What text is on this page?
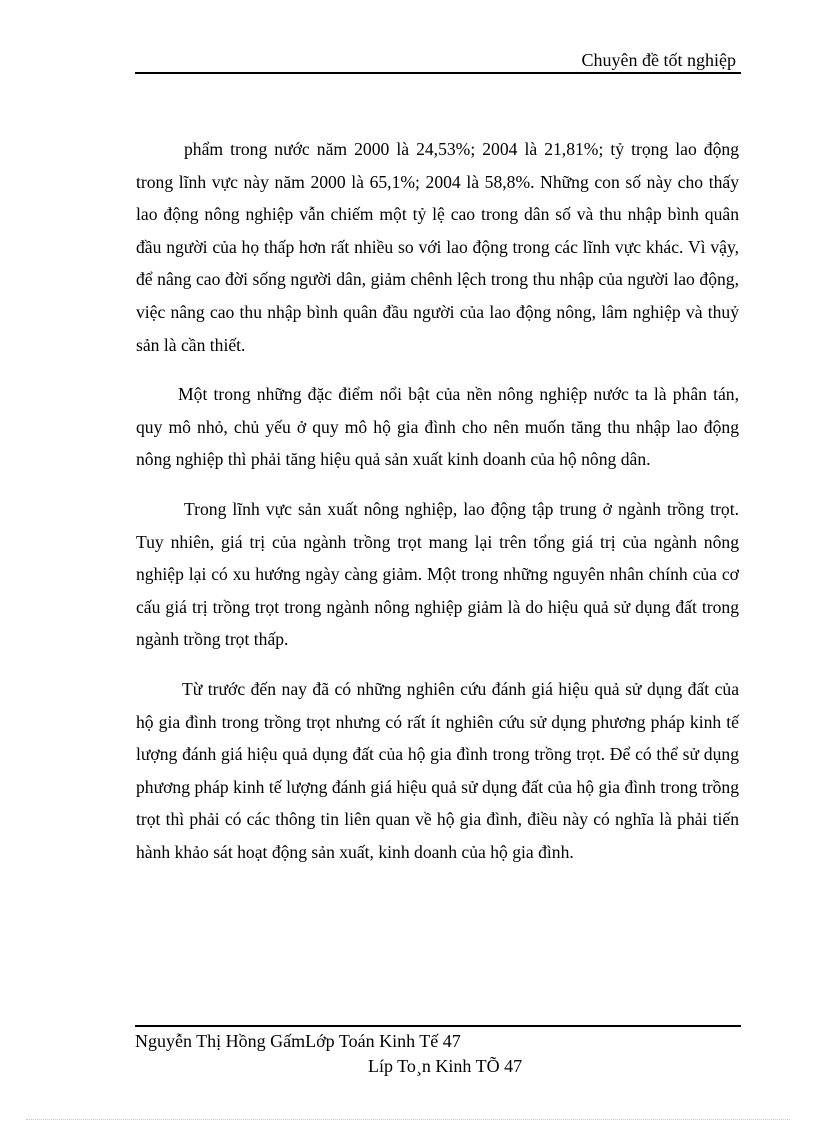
Chuyên đề tốt nghiệp

phẩm trong nước năm 2000 là 24,53%; 2004 là 21,81%; tỷ trọng lao động trong lĩnh vực này năm 2000 là 65,1%; 2004 là 58,8%. Những con số này cho thấy lao động nông nghiệp vẫn chiếm một tỷ lệ cao trong dân số và thu nhập bình quân đầu người của họ thấp hơn rất nhiều so với lao động trong các lĩnh vực khác. Vì vậy, để nâng cao đời sống người dân, giảm chênh lệch trong thu nhập của người lao động, việc nâng cao thu nhập bình quân đầu người của lao động nông, lâm nghiệp và thuỷ sản là cần thiết.

Một trong những đặc điểm nổi bật của nền nông nghiệp nước ta là phân tán, quy mô nhỏ, chủ yếu ở quy mô hộ gia đình cho nên muốn tăng thu nhập lao động nông nghiệp thì phải tăng hiệu quả sản xuất kinh doanh của hộ nông dân.

Trong lĩnh vực sản xuất nông nghiệp, lao động tập trung ở ngành trồng trọt. Tuy nhiên, giá trị của ngành trồng trọt mang lại trên tổng giá trị của ngành nông nghiệp lại có xu hướng ngày càng giảm. Một trong những nguyên nhân chính của cơ cấu giá trị trồng trọt trong ngành nông nghiệp giảm là do hiệu quả sử dụng đất trong ngành trồng trọt thấp.

Từ trước đến nay đã có những nghiên cứu đánh giá hiệu quả sử dụng đất của hộ gia đình trong trồng trọt nhưng có rất ít nghiên cứu sử dụng phương pháp kinh tế lượng đánh giá hiệu quả dụng đất của hộ gia đình trong trồng trọt. Để có thể sử dụng phương pháp kinh tế lượng đánh giá hiệu quả sử dụng đất của hộ gia đình trong trồng trọt thì phải có các thông tin liên quan về hộ gia đình, điều này có nghĩa là phải tiến hành khảo sát hoạt động sản xuất, kinh doanh của hộ gia đình.

Nguyễn Thị Hồng GấmLớp Toán Kinh Tế 47
Líp To¸n Kinh TÕ 47
